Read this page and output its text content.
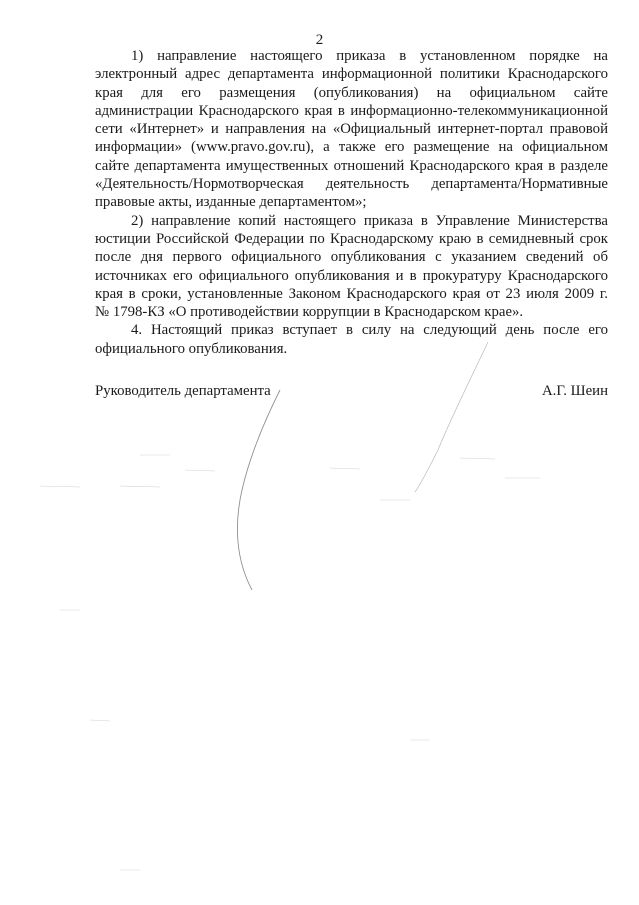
2

1) направление настоящего приказа в установленном порядке на
электронный адрес департамента информационной политики Краснодарского
края для его размещения (опубликования) на официальном сайте
администрации Краснодарского края в информационно-телекоммуникационной
сети «Интернет» и направления на «Официальный интернет-портал правовой
информации» (www.pravo.gov.ru), а также его размещение на официальном
сайте департамента имущественных отношений Краснодарского края в разделе
«Деятельность/Нормотворческая деятельность департамента/Нормативные
правовые акты, изданные департаментом»;

2) направление копий настоящего приказа в Управление Министерства
юстиции Российской Федерации по Краснодарскому краю в семидневный срок
после дня первого официального опубликования с указанием сведений об
источниках его официального опубликования и в прокуратуру Краснодарского
края в сроки, установленные Законом Краснодарского края от 23 июля 2009 г.
№ 1798-КЗ «О противодействии коррупции в Краснодарском крае».

4. Настоящий приказ вступает в силу на следующий день после его
официального опубликования.

Руководитель департамента	А.Г. Шеин
